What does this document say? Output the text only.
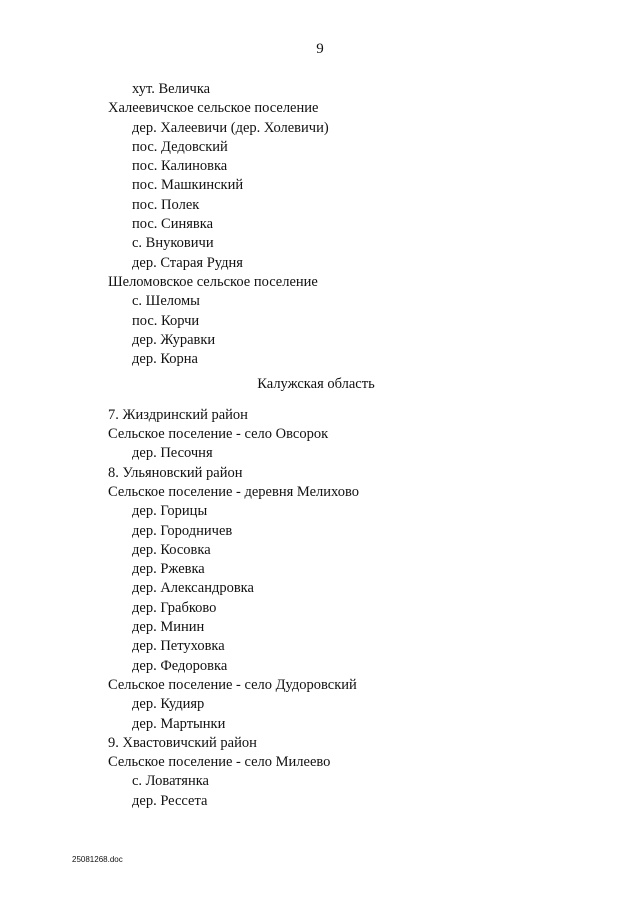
9
хут. Величка
Халеевичское сельское поселение
дер. Халеевичи (дер. Холевичи)
пос. Дедовский
пос. Калиновка
пос. Машкинский
пос. Полек
пос. Синявка
с. Внуковичи
дер. Старая Рудня
Шеломовское сельское поселение
с. Шеломы
пос. Корчи
дер. Журавки
дер. Корна
Калужская область
7. Жиздринский район
Сельское поселение - село Овсорок
дер. Песочня
8. Ульяновский район
Сельское поселение - деревня Мелихово
дер. Горицы
дер. Городничев
дер. Косовка
дер. Ржевка
дер. Александровка
дер. Грабково
дер. Минин
дер. Петуховка
дер. Федоровка
Сельское поселение - село Дудоровский
дер. Кудияр
дер. Мартынки
9. Хвастовичский район
Сельское поселение - село Милеево
с. Ловатянка
дер. Рессета
25081268.doc
